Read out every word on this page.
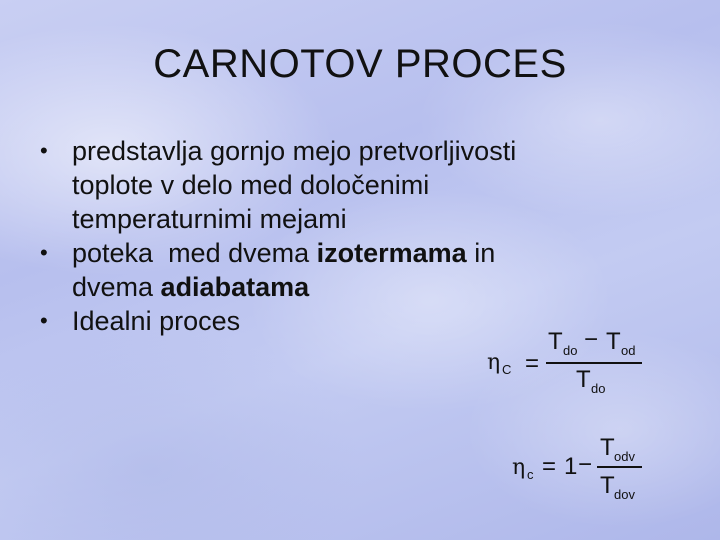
CARNOTOV PROCES
• predstavlja gornjo mejo pretvorljivosti
toplote v delo med določenimi
temperaturnimi mejami
• poteka  med dvema izotermama in
dvema adiabatama
• Idealni proces
η C =
T do − T od
T do
η c = 1 −
T odv
T dov
